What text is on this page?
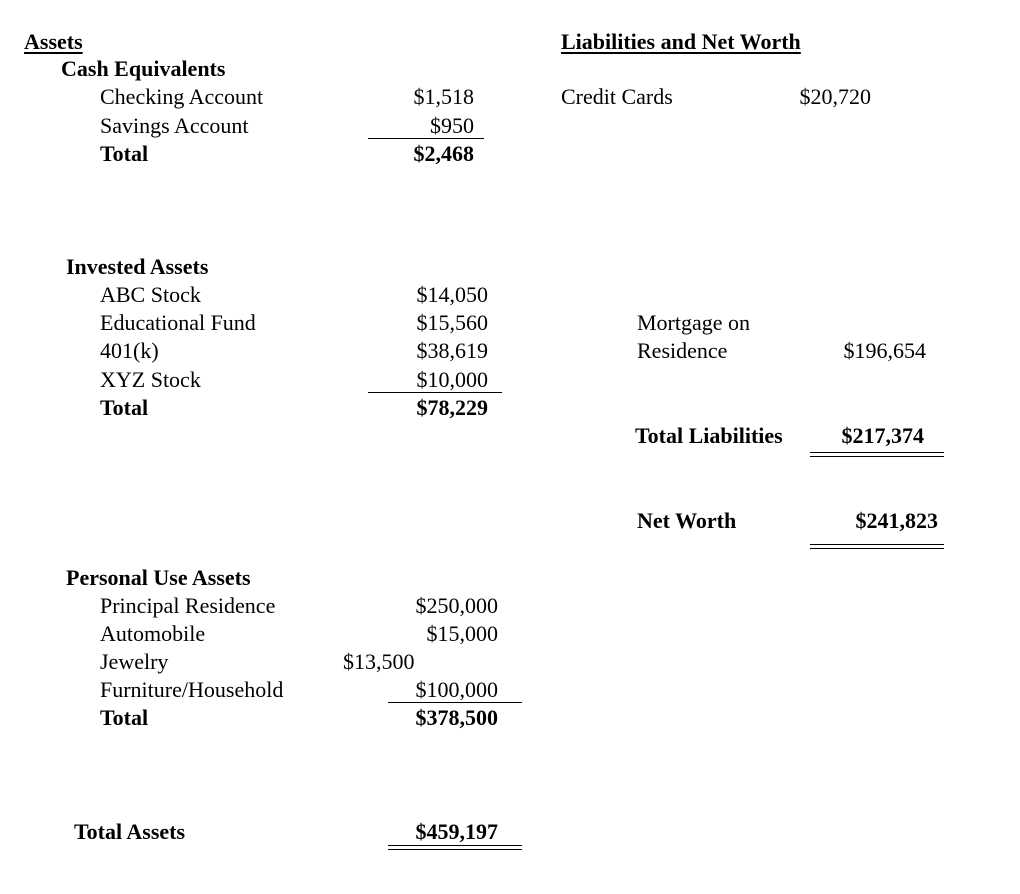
Assets
Cash Equivalents
Checking Account	$1,518
Savings Account	$950
Total	$2,468
Invested Assets
ABC Stock	$14,050
Educational Fund	$15,560
401(k)	$38,619
XYZ Stock	$10,000
Total	$78,229
Personal Use Assets
Principal Residence	$250,000
Automobile	$15,000
Jewelry	$13,500
Furniture/Household	$100,000
Total	$378,500
Total Assets	$459,197
Liabilities and Net Worth
Credit Cards	$20,720
Mortgage on
Residence	$196,654
Total Liabilities	$217,374
Net Worth	$241,823
